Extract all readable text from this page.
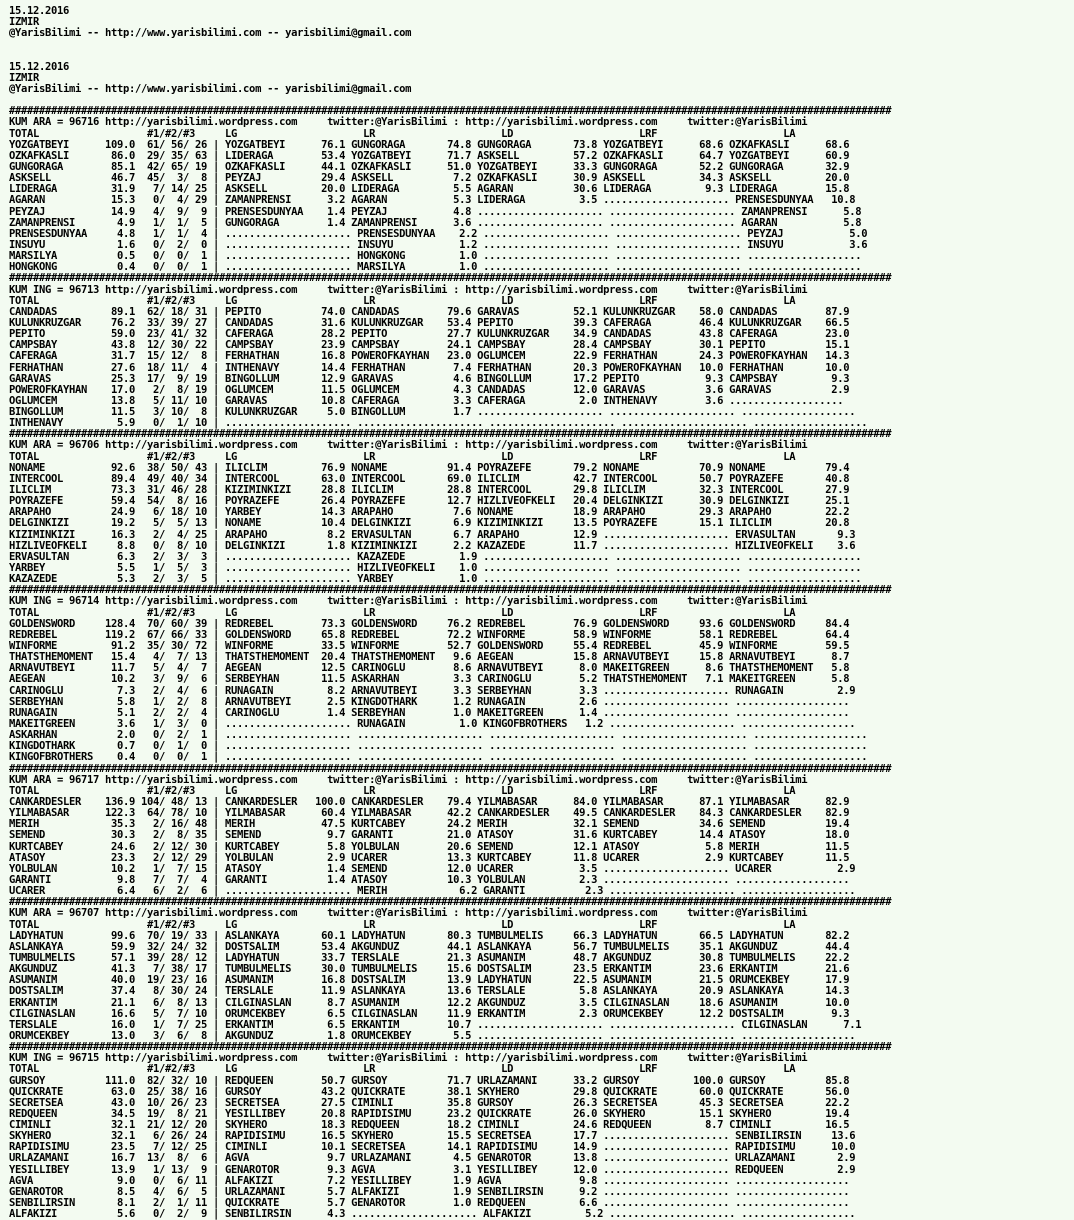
15.12.2016
IZMIR
@YarisBilimi -- http://www.yarisbilimi.com -- yarisbilimi@gmail.com
15.12.2016
IZMIR
@YarisBilimi -- http://www.yarisbilimi.com -- yarisbilimi@gmail.com
###################################################################################################################################################
KUM ARA = 96716 http://yarisbilimi.wordpress.com     twitter:@YarisBilimi : http://yarisbilimi.wordpress.com     twitter:@YarisBilimi
TOTAL                  #1/#2/#3     LG                     LR                     LD                     LRF                     LA
YOZGATBEYI      109.0  61/ 56/ 26 | YOZGATBEYI      76.1 GUNGORAGA       74.8 GUNGORAGA       73.8 YOZGATBEYI      68.6 OZKAFKASLI      68.6
OZKAFKASLI       86.0  29/ 35/ 63 | LIDERAGA        53.4 YOZGATBEYI      71.7 ASKSELL         57.2 OZKAFKASLI      64.7 YOZGATBEYI      60.9
GUNGORAGA        85.1  42/ 65/ 19 | OZKAFKASLI      44.1 OZKAFKASLI      51.0 YOZGATBEYI      33.3 GUNGORAGA       52.2 GUNGORAGA       32.9
ASKSELL          46.7  45/  3/  8 | PEYZAJ          29.4 ASKSELL          7.2 OZKAFKASLI      30.9 ASKSELL         34.3 ASKSELL         20.0
LIDERAGA         31.9   7/ 14/ 25 | ASKSELL         20.0 LIDERAGA         5.5 AGARAN          30.6 LIDERAGA         9.3 LIDERAGA        15.8
AGARAN           15.3   0/  4/ 29 | ZAMANPRENSI      3.2 AGARAN           5.3 LIDERAGA         3.5 ..................... PRENSESDUNYAA   10.8
PEYZAJ           14.9   4/  9/  9 | PRENSESDUNYAA    1.4 PEYZAJ           4.8 ..................... ..................... ZAMANPRENSI      5.8
ZAMANPRENSI       4.9   1/  1/  5 | GUNGORAGA        1.4 ZAMANPRENSI      3.6 ..................... ..................... AGARAN           5.8
PRENSESDUNYAA     4.8   1/  1/  4 | ..................... PRENSESDUNYAA    2.2 ..................... ..................... PEYZAJ           5.0
INSUYU            1.6   0/  2/  0 | ..................... INSUYU           1.2 ..................... ..................... INSUYU           3.6
MARSILYA          0.5   0/  0/  1 | ..................... HONGKONG         1.0 ..................... ..................... ...................
HONGKONG          0.4   0/  0/  1 | ..................... MARSILYA         1.0 ..................... ..................... ...................
###################################################################################################################################################
KUM ING = 96713 http://yarisbilimi.wordpress.com     twitter:@YarisBilimi : http://yarisbilimi.wordpress.com     twitter:@YarisBilimi
TOTAL                  #1/#2/#3     LG                     LR                     LD                     LRF                     LA
CANDADAS         89.1  62/ 18/ 31 | PEPITO          74.0 CANDADAS        79.6 GARAVAS         52.1 KULUNKRUZGAR    58.0 CANDADAS        87.9
KULUNKRUZGAR     76.2  33/ 39/ 27 | CANDADAS        31.6 KULUNKRUZGAR    53.4 PEPITO          39.3 CAFERAGA        46.4 KULUNKRUZGAR    66.5
PEPITO           59.0  23/ 41/ 32 | CAFERAGA        28.2 PEPITO          27.7 KULUNKRUZGAR    34.9 CANDADAS        43.8 CAFERAGA        23.0
CAMPSBAY         43.8  12/ 30/ 22 | CAMPSBAY        23.9 CAMPSBAY        24.1 CAMPSBAY        28.4 CAMPSBAY        30.1 PEPITO          15.1
CAFERAGA         31.7  15/ 12/  8 | FERHATHAN       16.8 POWEROFKAYHAN   23.0 OGLUMCEM        22.9 FERHATHAN       24.3 POWEROFKAYHAN   14.3
FERHATHAN        27.6  18/ 11/  4 | INTHENAVY       14.4 FERHATHAN        7.4 FERHATHAN       20.3 POWEROFKAYHAN   10.0 FERHATHAN       10.0
GARAVAS          25.3  17/  9/ 19 | BINGOLLUM       12.9 GARAVAS          4.6 BINGOLLUM       17.2 PEPITO           9.3 CAMPSBAY         9.3
POWEROFKAYHAN    17.0   2/  8/ 19 | OGLUMCEM        11.5 OGLUMCEM         4.3 CANDADAS        12.0 GARAVAS          3.6 GARAVAS          2.9
OGLUMCEM         13.8   5/ 11/ 10 | GARAVAS         10.8 CAFERAGA         3.3 CAFERAGA         2.0 INTHENAVY        3.6 ...................
BINGOLLUM        11.5   3/ 10/  8 | KULUNKRUZGAR     5.0 BINGOLLUM        1.7 ..................... ..................... ...................
INTHENAVY         5.9   0/  1/ 10 | ..................... ..................... ..................... ..................... ...................
###################################################################################################################################################
KUM ARA = 96706 http://yarisbilimi.wordpress.com     twitter:@YarisBilimi : http://yarisbilimi.wordpress.com     twitter:@YarisBilimi
TOTAL                  #1/#2/#3     LG                     LR                     LD                     LRF                     LA
NONAME           92.6  38/ 50/ 43 | ILICLIM         76.9 NONAME          91.4 POYRAZEFE       79.2 NONAME          70.9 NONAME          79.4
INTERCOOL        89.4  49/ 40/ 34 | INTERCOOL       63.0 INTERCOOL       69.0 ILICLIM         42.7 INTERCOOL       50.7 POYRAZEFE       40.8
ILICLIM          73.3  31/ 46/ 28 | KIZIMINKIZI     28.8 ILICLIM         28.8 INTERCOOL       29.8 ILICLIM         32.3 INTERCOOL       27.9
POYRAZEFE        59.4  54/  8/ 16 | POYRAZEFE       26.4 POYRAZEFE       12.7 HIZLIVEOFKELI   20.4 DELGINKIZI      30.9 DELGINKIZI      25.1
ARAPAHO          24.9   6/ 18/ 10 | YARBEY          14.3 ARAPAHO          7.6 NONAME          18.9 ARAPAHO         29.3 ARAPAHO         22.2
DELGINKIZI       19.2   5/  5/ 13 | NONAME          10.4 DELGINKIZI       6.9 KIZIMINKIZI     13.5 POYRAZEFE       15.1 ILICLIM         20.8
KIZIMINKIZI      16.3   2/  4/ 25 | ARAPAHO          8.2 ERVASULTAN       6.7 ARAPAHO         12.9 ..................... ERVASULTAN       9.3
HIZLIVEOFKELI     8.8   0/  8/ 10 | DELGINKIZI       1.8 KIZIMINKIZI      2.2 KAZAZEDE        11.7 ..................... HIZLIVEOFKELI    3.6
ERVASULTAN        6.3   2/  3/  3 | ..................... KAZAZEDE         1.9 ..................... ..................... ...................
YARBEY            5.5   1/  5/  3 | ..................... HIZLIVEOFKELI    1.0 ..................... ..................... ...................
KAZAZEDE          5.3   2/  3/  5 | ..................... YARBEY           1.0 ..................... ..................... ...................
###################################################################################################################################################
KUM ING = 96714 http://yarisbilimi.wordpress.com     twitter:@YarisBilimi : http://yarisbilimi.wordpress.com     twitter:@YarisBilimi
TOTAL                  #1/#2/#3     LG                     LR                     LD                     LRF                     LA
GOLDENSWORD     128.4  70/ 60/ 39 | REDREBEL        73.3 GOLDENSWORD     76.2 REDREBEL        76.9 GOLDENSWORD     93.6 GOLDENSWORD     84.4
REDREBEL        119.2  67/ 66/ 33 | GOLDENSWORD     65.8 REDREBEL        72.2 WINFORME        58.9 WINFORME        58.1 REDREBEL        64.4
WINFORME         91.2  35/ 30/ 72 | WINFORME        33.5 WINFORME        52.7 GOLDENSWORD     55.4 REDREBEL        45.9 WINFORME        59.5
THATSTHEMOMENT   15.4   4/  7/ 13 | THATSTHEMOMENT  20.4 THATSTHEMOMENT   9.6 AEGEAN          15.8 ARNAVUTBEYI     15.8 ARNAVUTBEYI      8.7
ARNAVUTBEYI      11.7   5/  4/  7 | AEGEAN          12.5 CARINOGLU        8.6 ARNAVUTBEYI      8.0 MAKEITGREEN      8.6 THATSTHEMOMENT   5.8
AEGEAN           10.2   3/  9/  6 | SERBEYHAN       11.5 ASKARHAN         3.3 CARINOGLU        5.2 THATSTHEMOMENT   7.1 MAKEITGREEN      5.8
CARINOGLU         7.3   2/  4/  6 | RUNAGAIN         8.2 ARNAVUTBEYI      3.3 SERBEYHAN        3.3 ..................... RUNAGAIN         2.9
SERBEYHAN         5.8   1/  2/  8 | ARNAVUTBEYI      2.5 KINGDOTHARK      1.2 RUNAGAIN         2.6 ..................... ...................
RUNAGAIN          5.1   2/  2/  4 | CARINOGLU        1.4 SERBEYHAN        1.0 MAKEITGREEN      1.4 ..................... ...................
MAKEITGREEN       3.6   1/  3/  0 | ..................... RUNAGAIN         1.0 KINGOFBROTHERS   1.2 ..................... ...................
ASKARHAN          2.0   0/  2/  1 | ..................... ..................... ..................... ..................... ...................
KINGDOTHARK       0.7   0/  1/  0 | ..................... ..................... ..................... ..................... ...................
KINGOFBROTHERS    0.4   0/  0/  1 | ..................... ..................... ..................... ..................... ...................
###################################################################################################################################################
KUM ARA = 96717 http://yarisbilimi.wordpress.com     twitter:@YarisBilimi : http://yarisbilimi.wordpress.com     twitter:@YarisBilimi
TOTAL                  #1/#2/#3     LG                     LR                     LD                     LRF                     LA
CANKARDESLER    136.9 104/ 48/ 13 | CANKARDESLER   100.0 CANKARDESLER    79.4 YILMABASAR      84.0 YILMABASAR      87.1 YILMABASAR      82.9
YILMABASAR      122.3  64/ 78/ 10 | YILMABASAR      60.4 YILMABASAR      42.2 CANKARDESLER    49.5 CANKARDESLER    84.3 CANKARDESLER    82.9
MERIH            35.3   2/ 16/ 48 | MERIH           47.5 KURTCABEY       24.2 MERIH           32.1 SEMEND          34.6 SEMEND          19.4
SEMEND           30.3   2/  8/ 35 | SEMEND           9.7 GARANTI         21.0 ATASOY          31.6 KURTCABEY       14.4 ATASOY          18.0
KURTCABEY        24.6   2/ 12/ 30 | KURTCABEY        5.8 YOLBULAN        20.6 SEMEND          12.1 ATASOY           5.8 MERIH           11.5
ATASOY           23.3   2/ 12/ 29 | YOLBULAN         2.9 UCARER          13.3 KURTCABEY       11.8 UCARER           2.9 KURTCABEY       11.5
YOLBULAN         10.2   1/  7/ 15 | ATASOY           1.4 SEMEND          12.0 UCARER           3.5 ..................... UCARER           2.9
GARANTI           9.8   7/  7/  4 | GARANTI          1.4 ATASOY          10.3 YOLBULAN         2.3 ..................... ...................
UCARER            6.4   6/  2/  6 | ..................... MERIH            6.2 GARANTI          2.3 ..................... ...................
###################################################################################################################################################
KUM ARA = 96707 http://yarisbilimi.wordpress.com     twitter:@YarisBilimi : http://yarisbilimi.wordpress.com     twitter:@YarisBilimi
TOTAL                  #1/#2/#3     LG                     LR                     LD                     LRF                     LA
LADYHATUN        99.6  70/ 19/ 33 | ASLANKAYA       60.1 LADYHATUN       80.3 TUMBULMELIS     66.3 LADYHATUN       66.5 LADYHATUN       82.2
ASLANKAYA        59.9  32/ 24/ 32 | DOSTSALIM       53.4 AKGUNDUZ        44.1 ASLANKAYA       56.7 TUMBULMELIS     35.1 AKGUNDUZ        44.4
TUMBULMELIS      57.1  39/ 28/ 12 | LADYHATUN       33.7 TERSLALE        21.3 ASUMANIM        48.7 AKGUNDUZ        30.8 TUMBULMELIS     22.2
AKGUNDUZ         41.3   7/ 38/ 17 | TUMBULMELIS     30.0 TUMBULMELIS     15.6 DOSTSALIM       23.5 ERKANTIM        23.6 ERKANTIM        21.6
ASUMANIM         40.0  19/ 23/ 16 | ASUMANIM        16.8 DOSTSALIM       13.9 LADYHATUN       22.5 ASUMANIM        21.5 ORUMCEKBEY      17.9
DOSTSALIM        37.4   8/ 30/ 24 | TERSLALE        11.9 ASLANKAYA       13.6 TERSLALE         5.8 ASLANKAYA       20.9 ASLANKAYA       14.3
ERKANTIM         21.1   6/  8/ 13 | CILGINASLAN      8.7 ASUMANIM        12.2 AKGUNDUZ         3.5 CILGINASLAN     18.6 ASUMANIM        10.0
CILGINASLAN      16.6   5/  7/ 10 | ORUMCEKBEY       6.5 CILGINASLAN     11.9 ERKANTIM         2.3 ORUMCEKBEY      12.2 DOSTSALIM        9.3
TERSLALE         16.0   1/  7/ 25 | ERKANTIM         6.5 ERKANTIM        10.7 ..................... ..................... CILGINASLAN      7.1
ORUMCEKBEY       13.0   3/  6/  8 | AKGUNDUZ         1.8 ORUMCEKBEY       5.5 ..................... ..................... ...................
###################################################################################################################################################
KUM ING = 96715 http://yarisbilimi.wordpress.com     twitter:@YarisBilimi : http://yarisbilimi.wordpress.com     twitter:@YarisBilimi
TOTAL                  #1/#2/#3     LG                     LR                     LD                     LRF                     LA
GURSOY          111.0  82/ 32/ 10 | REDQUEEN        50.7 GURSOY          71.7 URLAZAMANI      33.2 GURSOY         100.0 GURSOY          85.8
QUICKRATE        63.0  25/ 38/ 16 | GURSOY          43.2 QUICKRATE       38.1 SKYHERO         29.8 QUICKRATE       60.0 QUICKRATE       56.0
SECRETSEA        43.0  10/ 26/ 23 | SECRETSEA       27.5 CIMINLI         35.8 GURSOY          26.3 SECRETSEA       45.3 SECRETSEA       22.2
REDQUEEN         34.5  19/  8/ 21 | YESILLIBEY      20.8 RAPIDISIMU      23.2 QUICKRATE       26.0 SKYHERO         15.1 SKYHERO         19.4
CIMINLI          32.1  21/ 12/ 20 | SKYHERO         18.3 REDQUEEN        18.2 CIMINLI         24.6 REDQUEEN         8.7 CIMINLI         16.5
SKYHERO          32.1   6/ 26/ 24 | RAPIDISIMU      16.5 SKYHERO         15.5 SECRETSEA       17.7 ..................... SENBILIRSIN     13.6
RAPIDISIMU       23.5   7/ 12/ 25 | CIMINLI         10.1 SECRETSEA       14.1 RAPIDISIMU      14.9 ..................... RAPIDISIMU      10.0
URLAZAMANI       16.7  13/  8/  6 | AGVA             9.7 URLAZAMANI       4.5 GENAROTOR       13.8 ..................... URLAZAMANI       2.9
YESILLIBEY       13.9   1/ 13/  9 | GENAROTOR        9.3 AGVA             3.1 YESILLIBEY      12.0 ..................... REDQUEEN         2.9
AGVA              9.0   0/  6/ 11 | ALFAKIZI         7.2 YESILLIBEY       1.9 AGVA             9.8 ..................... ...................
GENAROTOR         8.5   4/  6/  5 | URLAZAMANI       5.7 ALFAKIZI         1.9 SENBILIRSIN      9.2 ..................... ...................
SENBILIRSIN       8.1   2/  1/ 11 | QUICKRATE        5.7 GENAROTOR        1.0 REDQUEEN         6.6 ..................... ...................
ALFAKIZI          5.6   0/  2/  9 | SENBILIRSIN      4.3 ..................... ALFAKIZI         5.2 ..................... ...................
